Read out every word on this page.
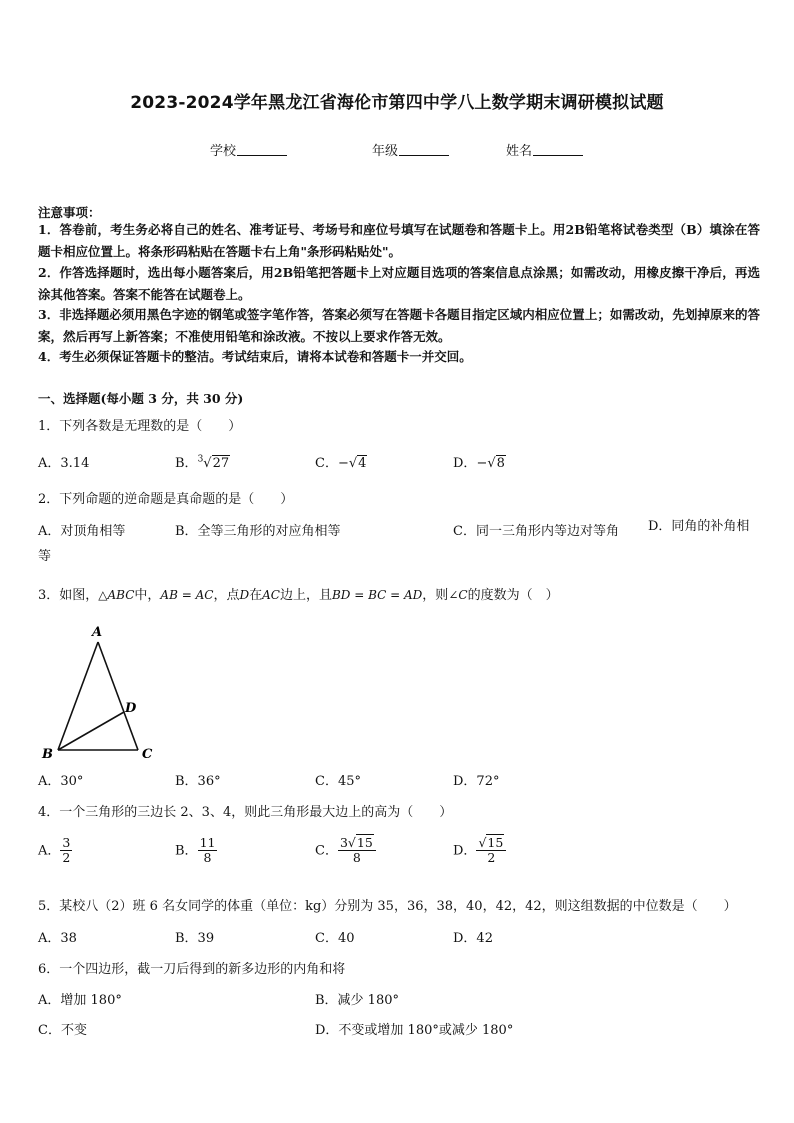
2023-2024学年黑龙江省海伦市第四中学八上数学期末调研模拟试题
学校	年级	姓名
注意事项：
1．答卷前，考生务必将自己的姓名、准考证号、考场号和座位号填写在试题卷和答题卡上。用2B铅笔将试卷类型（B）填涂在答题卡相应位置上。将条形码粘贴在答题卡右上角"条形码粘贴处"。
2．作答选择题时，选出每小题答案后，用2B铅笔把答题卡上对应题目选项的答案信息点涂黑；如需改动，用橡皮擦干净后，再选涂其他答案。答案不能答在试题卷上。
3．非选择题必须用黑色字迹的钢笔或签字笔作答，答案必须写在答题卡各题目指定区域内相应位置上；如需改动，先划掉原来的答案，然后再写上新答案；不准使用铅笔和涂改液。不按以上要求作答无效。
4．考生必须保证答题卡的整洁。考试结束后，请将本试卷和答题卡一并交回。
一、选择题(每小题 3 分，共 30 分)
1．下列各数是无理数的是（　　）
A．3.14	B．$^3$√27	C．−√4	D．−√8
2．下列命题的逆命题是真命题的是（　　）
A．对顶角相等	B．全等三角形的对应角相等	C．同一三角形内等边对等角	D．同角的补角相等
3．如图，△ABC中，AB = AC，点D在AC边上，且BD = BC = AD，则∠C的度数为（　）
A
B	C
D
A．30°	B．36°	C．45°	D．72°
4．一个三角形的三边长 2、3、4，则此三角形最大边上的高为（　　）
A． $\frac{3}{2}$	B． $\frac{11}{8}$	C． $\frac{3√15}{8}$	D． $\frac{√15}{2}$
5．某校八（2）班 6 名女同学的体重（单位：kg）分别为 35，36，38，40，42，42，则这组数据的中位数是（　　）
A．38	B．39	C．40	D．42
6．一个四边形，截一刀后得到的新多边形的内角和将
A．增加 180°	B．减少 180°
C．不变	D．不变或增加 180°或减少 180°
